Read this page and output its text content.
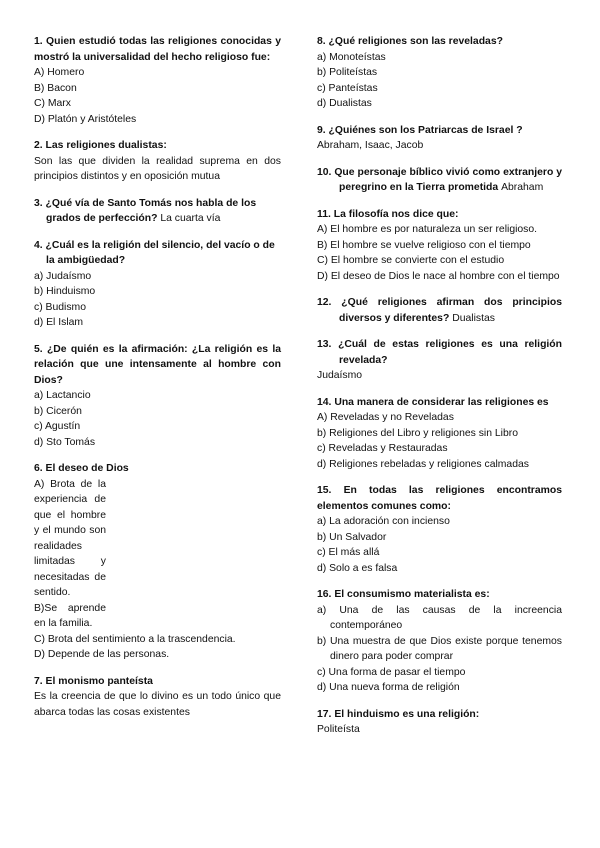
1. Quien estudió todas las religiones conocidas y mostró la universalidad del hecho religioso fue:

A) Homero

B) Bacon

C) Marx

D) Platón y Aristóteles

2. Las religiones dualistas:

Son las que dividen la realidad suprema en dos principios distintos y en oposición mutua

3. ¿Qué vía de Santo Tomás nos habla de los grados de perfección? La cuarta vía

4. ¿Cuál es la religión del silencio, del vacío o de la ambigüedad?

a) Judaísmo

b) Hinduismo

c) Budismo

d) El Islam

5. ¿De quién es la afirmación: ¿La religión es la relación que une intensamente al hombre con Dios?

a) Lactancio

b) Cicerón

c) Agustín

d) Sto Tomás

6. El deseo de Dios

A) Brota de la experiencia de que el hombre y el mundo son realidades limitadas y necesitadas de sentido.

B)Se aprende en la familia.

C) Brota del sentimiento a la trascendencia.

D) Depende de las personas.

7. El monismo panteísta

Es la creencia de que lo divino es un todo único que abarca todas las cosas existentes

8. ¿Qué religiones son las reveladas?

a) Monoteístas

b) Politeístas

c) Panteístas

d) Dualistas

9. ¿Quiénes son los Patriarcas de Israel ?

Abraham, Isaac, Jacob

10. Que personaje bíblico vivió como extranjero y peregrino en la Tierra prometida Abraham

11. La filosofía nos dice que:

A) El hombre es por naturaleza un ser religioso.

B) El hombre se vuelve religioso con el tiempo

C) El hombre se convierte con el estudio

D) El deseo de Dios le nace al hombre con el tiempo

12. ¿Qué religiones afirman dos principios diversos y diferentes? Dualistas

13. ¿Cuál de estas religiones es una religión revelada?

Judaísmo

14. Una manera de considerar las religiones es

A) Reveladas y no Reveladas

b) Religiones del Libro y religiones sin Libro

c) Reveladas y Restauradas

d) Religiones rebeladas y religiones calmadas

15. En todas las religiones encontramos elementos comunes como:

a) La adoración con incienso

b) Un Salvador

c) El más allá

d) Solo a es falsa

16. El consumismo materialista es:

a) Una de las causas de la increencia contemporáneo

b) Una muestra de que Dios existe porque tenemos dinero para poder comprar

c) Una forma de pasar el tiempo

d) Una nueva forma de religión

17. El hinduismo es una religión:

Politeísta
